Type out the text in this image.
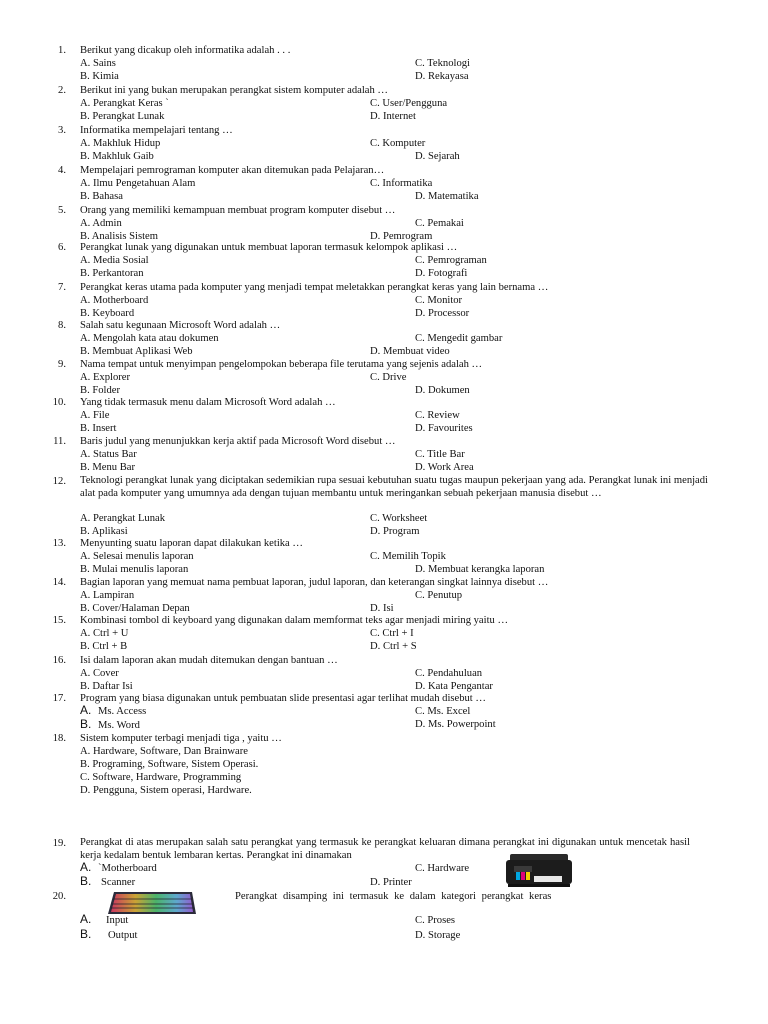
1. Berikut yang dicakup oleh informatika adalah . . .
A. Sains
B. Kimia
C. Teknologi
D. Rekayasa
2. Berikut ini yang bukan merupakan perangkat sistem komputer adalah …
A. Perangkat Keras `
B. Perangkat Lunak
C. User/Pengguna
D. Internet
3. Informatika mempelajari tentang …
A. Makhluk Hidup
B. Makhluk Gaib
C. Komputer
D. Sejarah
4. Mempelajari pemrograman komputer akan ditemukan pada Pelajaran…
A. Ilmu Pengetahuan Alam
B. Bahasa
C. Informatika
D. Matematika
5. Orang yang memiliki kemampuan membuat program komputer disebut …
A. Admin
B. Analisis Sistem
C. Pemakai
D. Pemrogram
6. Perangkat lunak yang digunakan untuk membuat laporan termasuk kelompok aplikasi …
A. Media Sosial
B. Perkantoran
C. Pemrograman
D. Fotografi
7. Perangkat keras utama pada komputer yang menjadi tempat meletakkan perangkat keras yang lain bernama …
A. Motherboard
B. Keyboard
C. Monitor
D. Processor
8. Salah satu kegunaan Microsoft Word adalah …
A. Mengolah kata atau dokumen
B. Membuat Aplikasi Web
C. Mengedit gambar
D. Membuat video
9. Nama tempat untuk menyimpan pengelompokan beberapa file terutama yang sejenis adalah …
A. Explorer
B. Folder
C. Drive
D. Dokumen
10. Yang tidak termasuk menu dalam Microsoft Word adalah …
A. File
B. Insert
C. Review
D. Favourites
11. Baris judul yang menunjukkan kerja aktif pada Microsoft Word disebut …
A. Status Bar
B. Menu Bar
C. Title Bar
D. Work Area
12. Teknologi perangkat lunak yang diciptakan sedemikian rupa sesuai kebutuhan suatu tugas maupun pekerjaan yang ada. Perangkat lunak ini menjadi alat pada komputer yang umumnya ada dengan tujuan membantu untuk meringankan sebuah pekerjaan manusia disebut …
A. Perangkat Lunak
B. Aplikasi
C. Worksheet
D. Program
13. Menyunting suatu laporan dapat dilakukan ketika …
A. Selesai menulis laporan
B. Mulai menulis laporan
C. Memilih Topik
D. Membuat kerangka laporan
14. Bagian laporan yang memuat nama pembuat laporan, judul laporan, dan keterangan singkat lainnya disebut …
A. Lampiran
B. Cover/Halaman Depan
C. Penutup
D. Isi
15. Kombinasi tombol di keyboard yang digunakan dalam memformat teks agar menjadi miring yaitu …
A. Ctrl + U
B. Ctrl + B
C. Ctrl + I
D. Ctrl + S
16. Isi dalam laporan akan mudah ditemukan dengan bantuan …
A. Cover
B. Daftar Isi
C. Pendahuluan
D. Kata Pengantar
17. Program yang biasa digunakan untuk pembuatan slide presentasi agar terlihat mudah disebut …
A. Ms. Access
B. Ms. Word
C. Ms. Excel
D. Ms. Powerpoint
18. Sistem komputer terbagi menjadi tiga , yaitu …
A. Hardware, Software, Dan Brainware
B. Programing, Software, Sistem Operasi.
C. Software, Hardware, Programming
D. Pengguna, Sistem operasi, Hardware.
19. Perangkat di atas merupakan salah satu perangkat yang termasuk ke perangkat keluaran dimana perangkat ini digunakan untuk mencetak hasil kerja kedalam bentuk lembaran kertas. Perangkat ini dinamakan
A. `Motherboard	C. Hardware
B. Scanner	D. Printer
20.	Perangkat disamping ini termasuk ke dalam kategori perangkat keras
A. Input	C. Proses
B. Output	D. Storage
